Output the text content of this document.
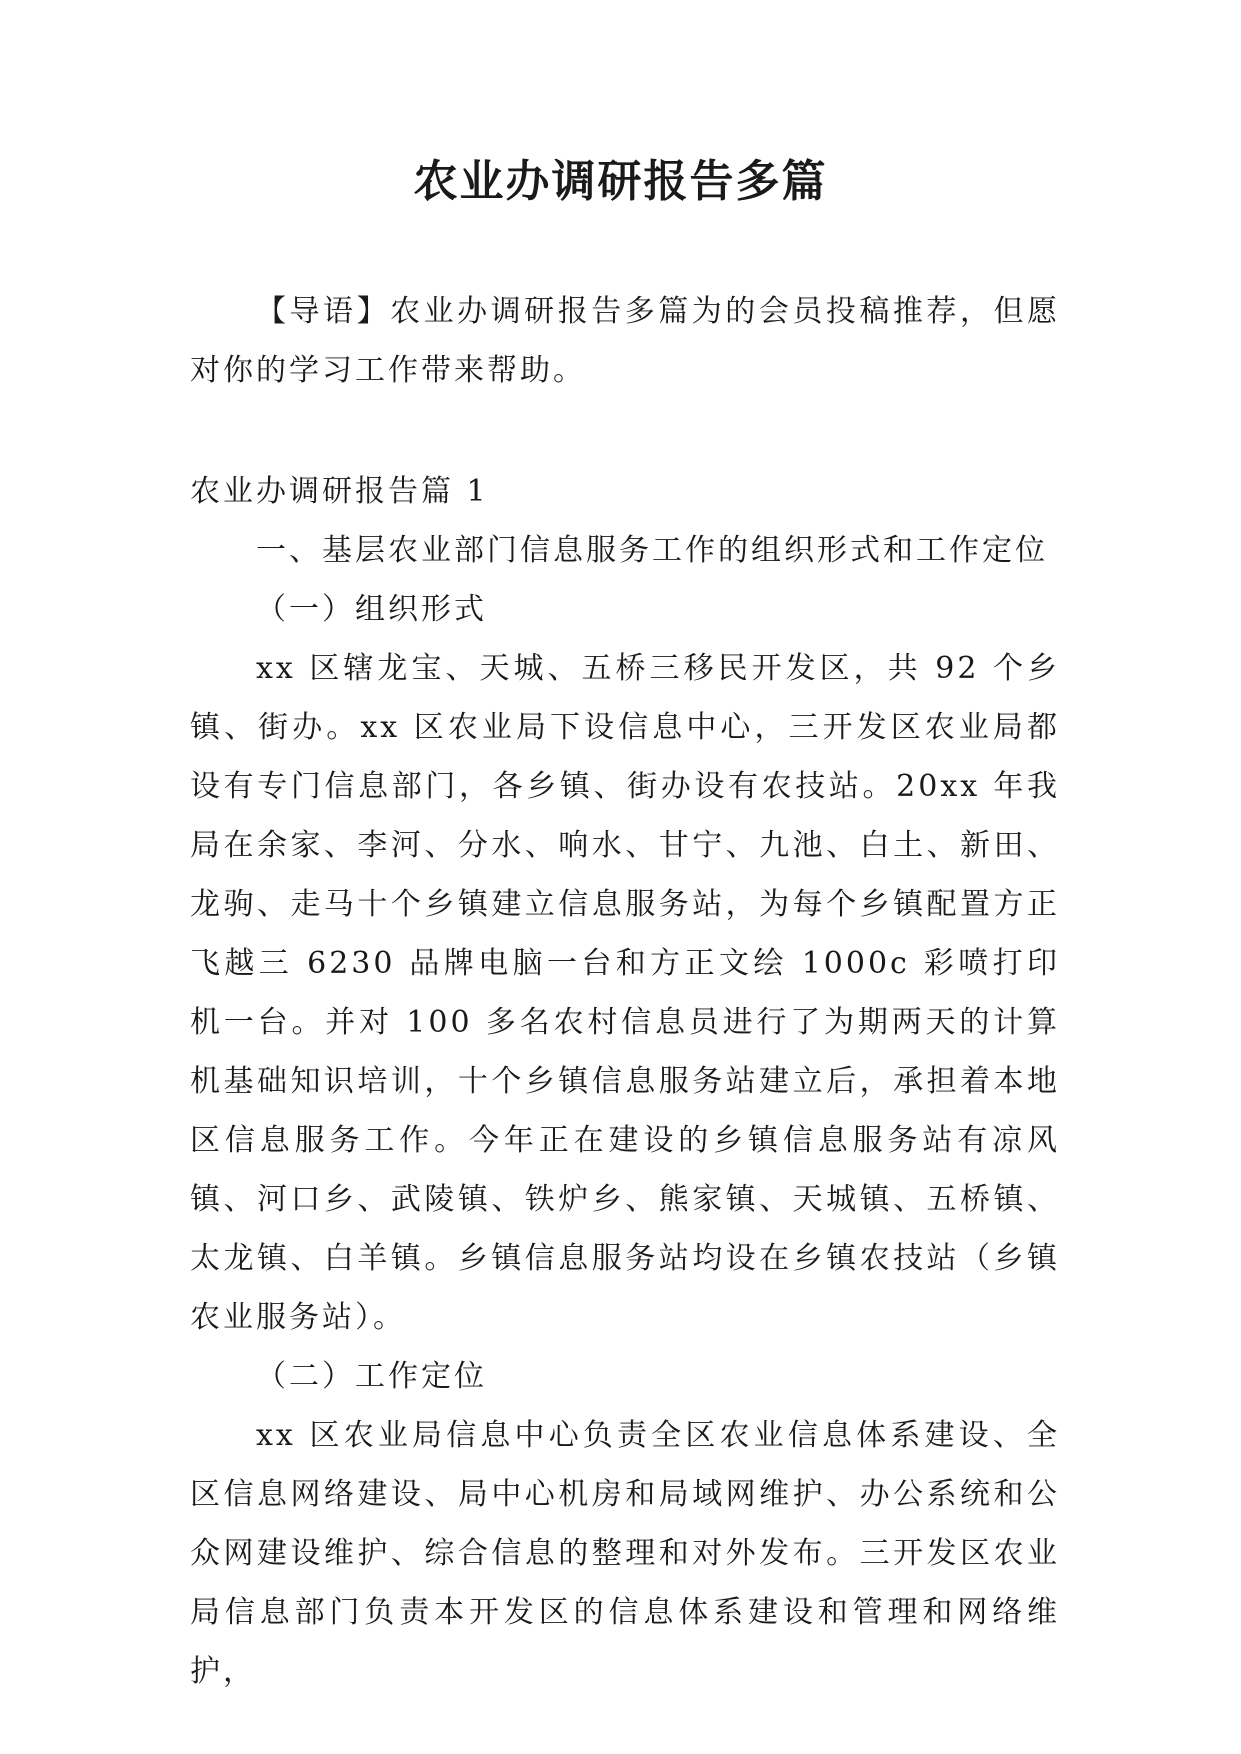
农业办调研报告多篇

【导语】农业办调研报告多篇为的会员投稿推荐，但愿对你的学习工作带来帮助。

农业办调研报告篇 1

一、基层农业部门信息服务工作的组织形式和工作定位

（一）组织形式

xx 区辖龙宝、天城、五桥三移民开发区，共 92 个乡镇、街办。xx 区农业局下设信息中心，三开发区农业局都设有专门信息部门，各乡镇、街办设有农技站。20xx 年我局在余家、李河、分水、响水、甘宁、九池、白土、新田、龙驹、走马十个乡镇建立信息服务站，为每个乡镇配置方正飞越三 6230 品牌电脑一台和方正文绘 1000c 彩喷打印机一台。并对 100 多名农村信息员进行了为期两天的计算机基础知识培训，十个乡镇信息服务站建立后，承担着本地区信息服务工作。今年正在建设的乡镇信息服务站有凉风镇、河口乡、武陵镇、铁炉乡、熊家镇、天城镇、五桥镇、太龙镇、白羊镇。乡镇信息服务站均设在乡镇农技站（乡镇农业服务站）。

（二）工作定位

xx 区农业局信息中心负责全区农业信息体系建设、全区信息网络建设、局中心机房和局域网维护、办公系统和公众网建设维护、综合信息的整理和对外发布。三开发区农业局信息部门负责本开发区的信息体系建设和管理和网络维护，
